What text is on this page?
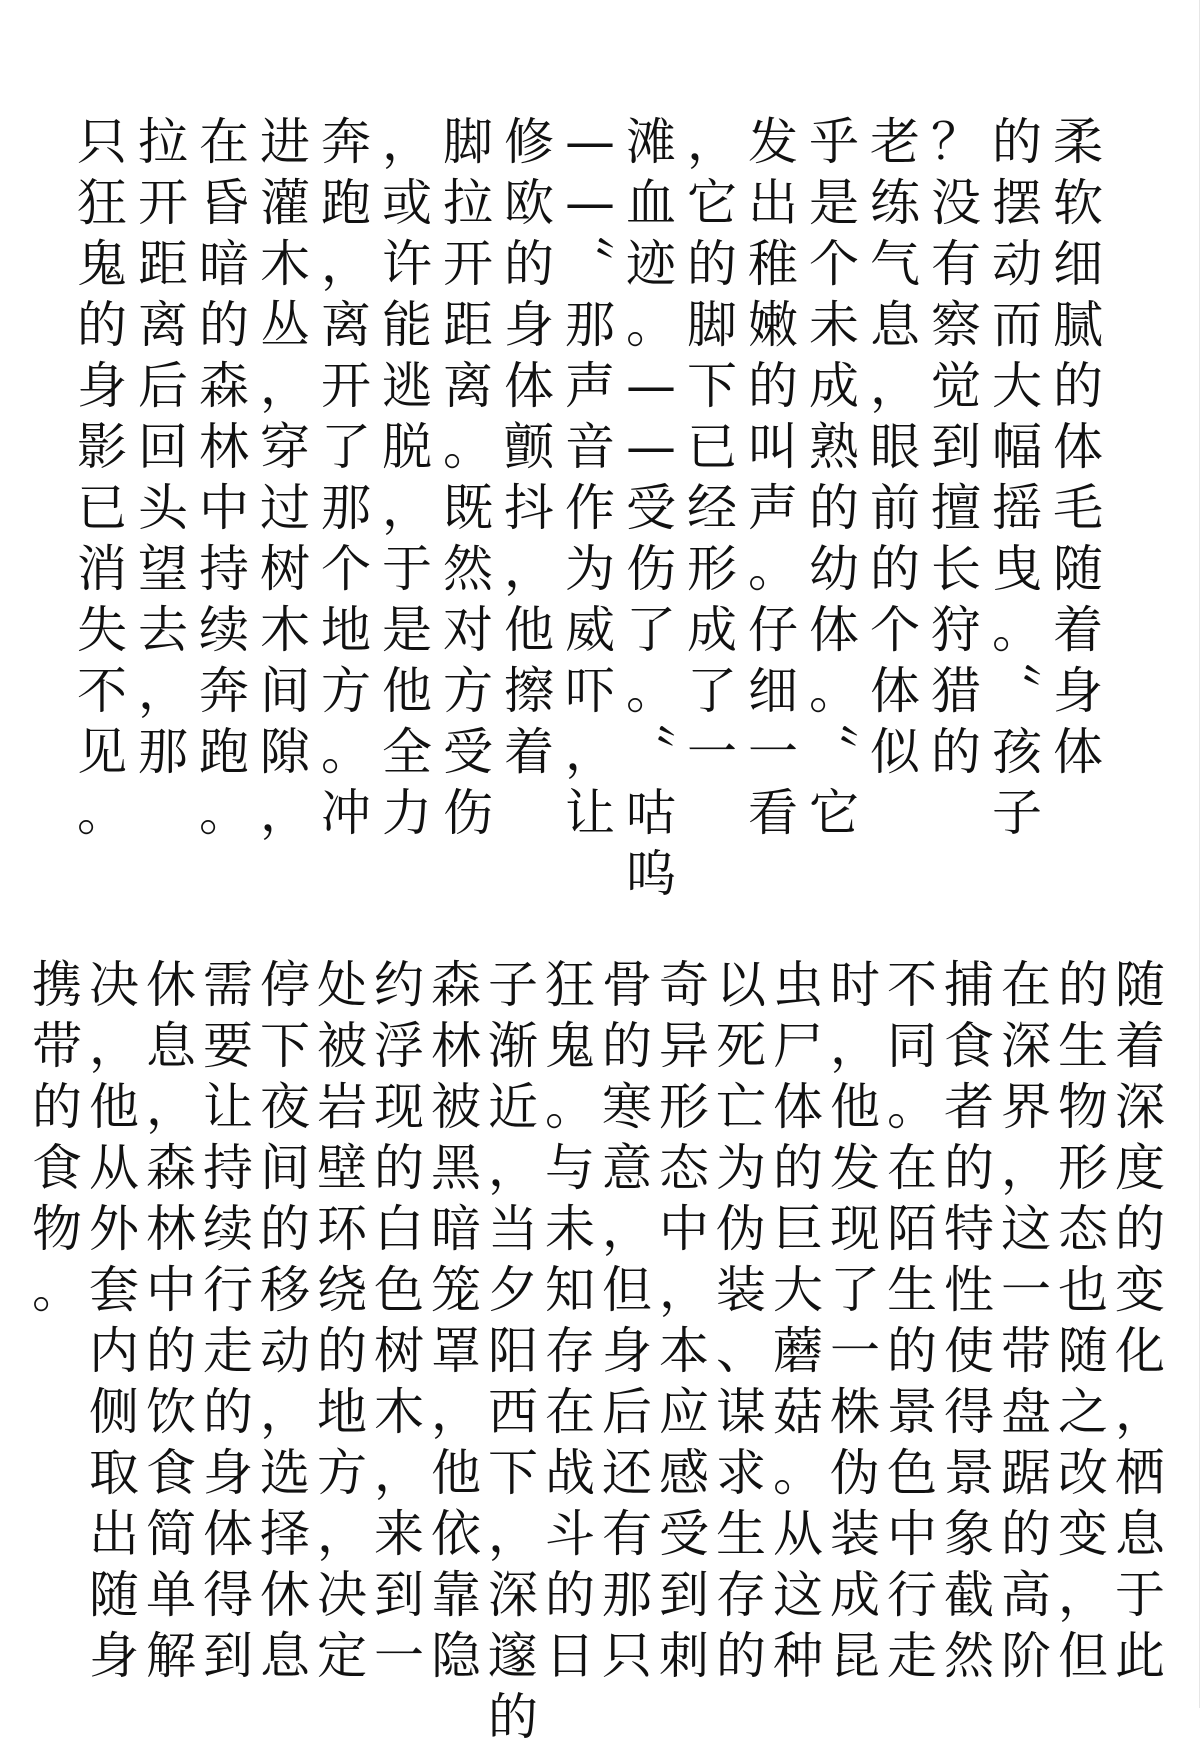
柔
软
细
腻
的
体
毛
随
着
身
体
的
摆
动
而
大
幅
摇
曳
。
〝
孩
子
？
没
有
察
觉
到
擅
长
狩
猎
的
老
练
气
息
，
眼
前
的
个
体
似
乎
是
个
未
成
熟
的
幼
体
。
〝
它
发
出
稚
嫩
的
叫
声
。
仔
细
一
看
，
它
的
脚
下
已
经
形
成
了
一
滩
血
迹
。
—
—
受
伤
了
。
〝
咕
呜
—
—
〝
那
声
音
作
为
威
吓
，
让
修
欧
的
身
体
颤
抖
，
他
擦
着
脚
拉
开
距
离
。
既
然
对
方
受
伤
，
或
许
能
逃
脱
，
于
是
他
全
力
奔
跑
，
离
开
了
那
个
地
方
。
冲
进
灌
木
丛
，
穿
过
树
木
间
隙
，
在
昏
暗
的
森
林
中
持
续
奔
跑
。
拉
开
距
离
后
回
头
望
去
，
那
只
狂
鬼
的
身
影
已
消
失
不
见
。
随
着
深
度
的
变
化
，
栖
息
于
此
的
生
物
形
态
也
随
之
改
变
，
但
在
深
界
，
这
一
带
盘
踞
的
高
阶
捕
食
者
的
特
性
使
得
景
象
截
然
不
同
。
在
陌
生
的
景
色
中
行
走
时
，
他
发
现
了
一
株
伪
装
成
昆
虫
尸
体
的
巨
大
蘑
菇
。
从
这
种
以
死
亡
为
伪
装
、
谋
求
生
存
的
奇
异
形
态
中
，
本
应
感
受
到
刺
骨
的
寒
意
，
但
身
后
还
有
那
只
狂
鬼
。
与
未
知
存
在
战
斗
的
日
子
渐
近
，
当
夕
阳
西
下
，
深
邃
的
森
林
被
黑
暗
笼
罩
，
他
依
靠
隐
约
浮
现
的
白
色
树
木
，
来
到
一
处
被
岩
壁
环
绕
的
地
方
，
决
定
停
下
夜
间
的
移
动
，
选
择
休
息
需
要
让
持
续
行
走
的
身
体
得
到
休
息
，
森
林
中
的
饮
食
简
单
解
决
，
他
从
外
套
内
侧
取
出
随
身
携
带
的
食
物
。
